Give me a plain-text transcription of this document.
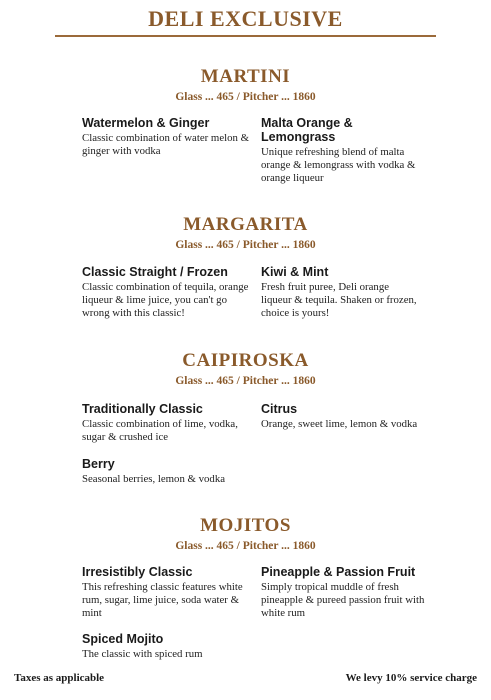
DELI EXCLUSIVE
MARTINI
Glass ... 465 / Pitcher ... 1860
Watermelon & Ginger
Classic combination of water melon & ginger with vodka
Malta Orange & Lemongrass
Unique refreshing blend of malta orange & lemongrass with vodka & orange liqueur
MARGARITA
Glass ... 465 / Pitcher ... 1860
Classic Straight / Frozen
Classic combination of tequila, orange liqueur & lime juice, you can't go wrong with this classic!
Kiwi & Mint
Fresh fruit puree, Deli orange liqueur & tequila. Shaken or frozen, choice is yours!
CAIPIROSKA
Glass ... 465 / Pitcher ... 1860
Traditionally Classic
Classic combination of lime, vodka, sugar & crushed ice
Citrus
Orange, sweet lime, lemon & vodka
Berry
Seasonal berries, lemon & vodka
MOJITOS
Glass ... 465 / Pitcher ... 1860
Irresistibly Classic
This refreshing classic features white rum, sugar, lime juice, soda water & mint
Pineapple & Passion Fruit
Simply tropical muddle of fresh pineapple & pureed passion fruit with white rum
Spiced Mojito
The classic with spiced rum
Taxes as applicable	We levy 10% service charge
